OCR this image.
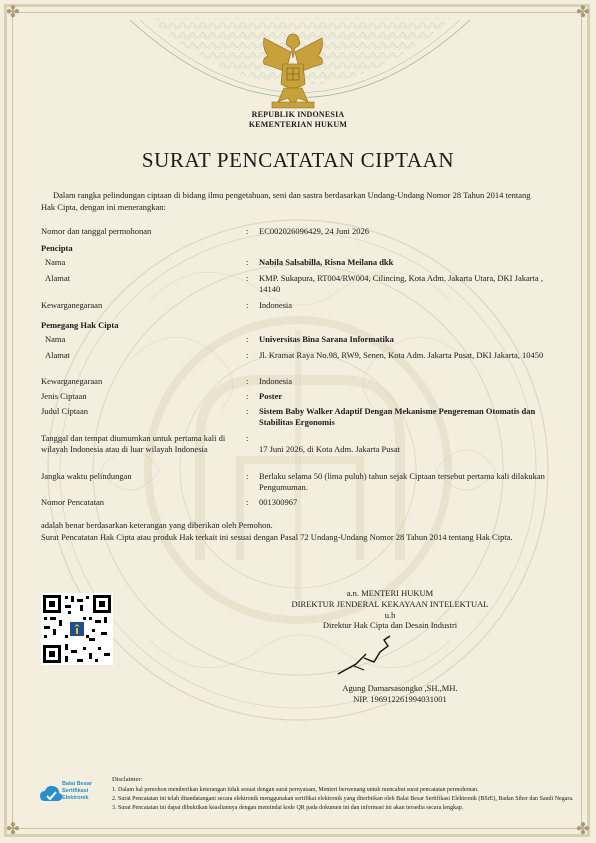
✤	✤
✤	✤
REPUBLIK INDONESIA
KEMENTERIAN HUKUM
SURAT PENCATATAN CIPTAAN
Dalam rangka pelindungan ciptaan di bidang ilmu pengetahuan, seni dan sastra berdasarkan Undang-Undang Nomor 28 Tahun 2014 tentang Hak Cipta, dengan ini menerangkan:
Nomor dan tanggal permohonan	: EC00202609642​9, 24 Juni 2026
Pencipta
Nama	: Nabila Salsabilla, Risna Meilana dkk
Alamat	: KMP. Sukapura, RT004/RW004, Cilincing, Kota Adm. Jakarta Utara, DKI Jakarta , 14140
Kewarganegaraan	: Indonesia
Pemegang Hak Cipta
Nama	: Universitas Bina Sarana Informatika
Alamat	: Jl. Kramat Raya No.98, RW9, Senen, Kota Adm. Jakarta Pusat, DKI Jakarta, 10450
Kewarganegaraan	: Indonesia
Jenis Ciptaan	: Poster
Judul Ciptaan	: Sistem Baby Walker Adaptif Dengan Mekanisme Pengereman Otomatis dan Stabilitas Ergonomis
Tanggal dan tempat diumumkan untuk pertama kali di wilayah Indonesia atau di luar wilayah Indonesia
:
17 Juni 2026, di Kota Adm. Jakarta Pusat
Jangka waktu pelindungan	: Berlaku selama 50 (lima puluh) tahun sejak Ciptaan tersebut pertama kali dilakukan Pengumuman.
Nomor Pencatatan	: 001300967
adalah benar berdasarkan keterangan yang diberikan oleh Pemohon.
Surat Pencatatan Hak Cipta atau produk Hak terkait ini sesuai dengan Pasal 72 Undang-Undang Nomor 28 Tahun 2014 tentang Hak Cipta.
a.n. MENTERI HUKUM
DIREKTUR JENDERAL KEKAYAAN INTELEKTUAL
u.b
Direktur Hak Cipta dan Desain Industri
Agung Damarsasongko ,SH.,MH.
NIP. 196912261994031001
Balai Besar
Sertifikasi
Elektronik
Disclaimer:
1. Dalam hal pemohon memberikan keterangan tidak sesuai dengan surat pernyataan, Menteri berwenang untuk mencabut surat pencatatan permohonan.
2. Surat Pencatatan ini telah ditandatangani secara elektronik menggunakan sertifikat elektronik yang diterbitkan oleh Balai Besar Sertifikasi Elektronik (BSrE), Badan Siber dan Sandi Negara.
3. Surat Pencatatan ini dapat dibuktikan keasliannya dengan memindai kode QR pada dokumen ini dan informasi ini akan tersedia secara lengkap.
